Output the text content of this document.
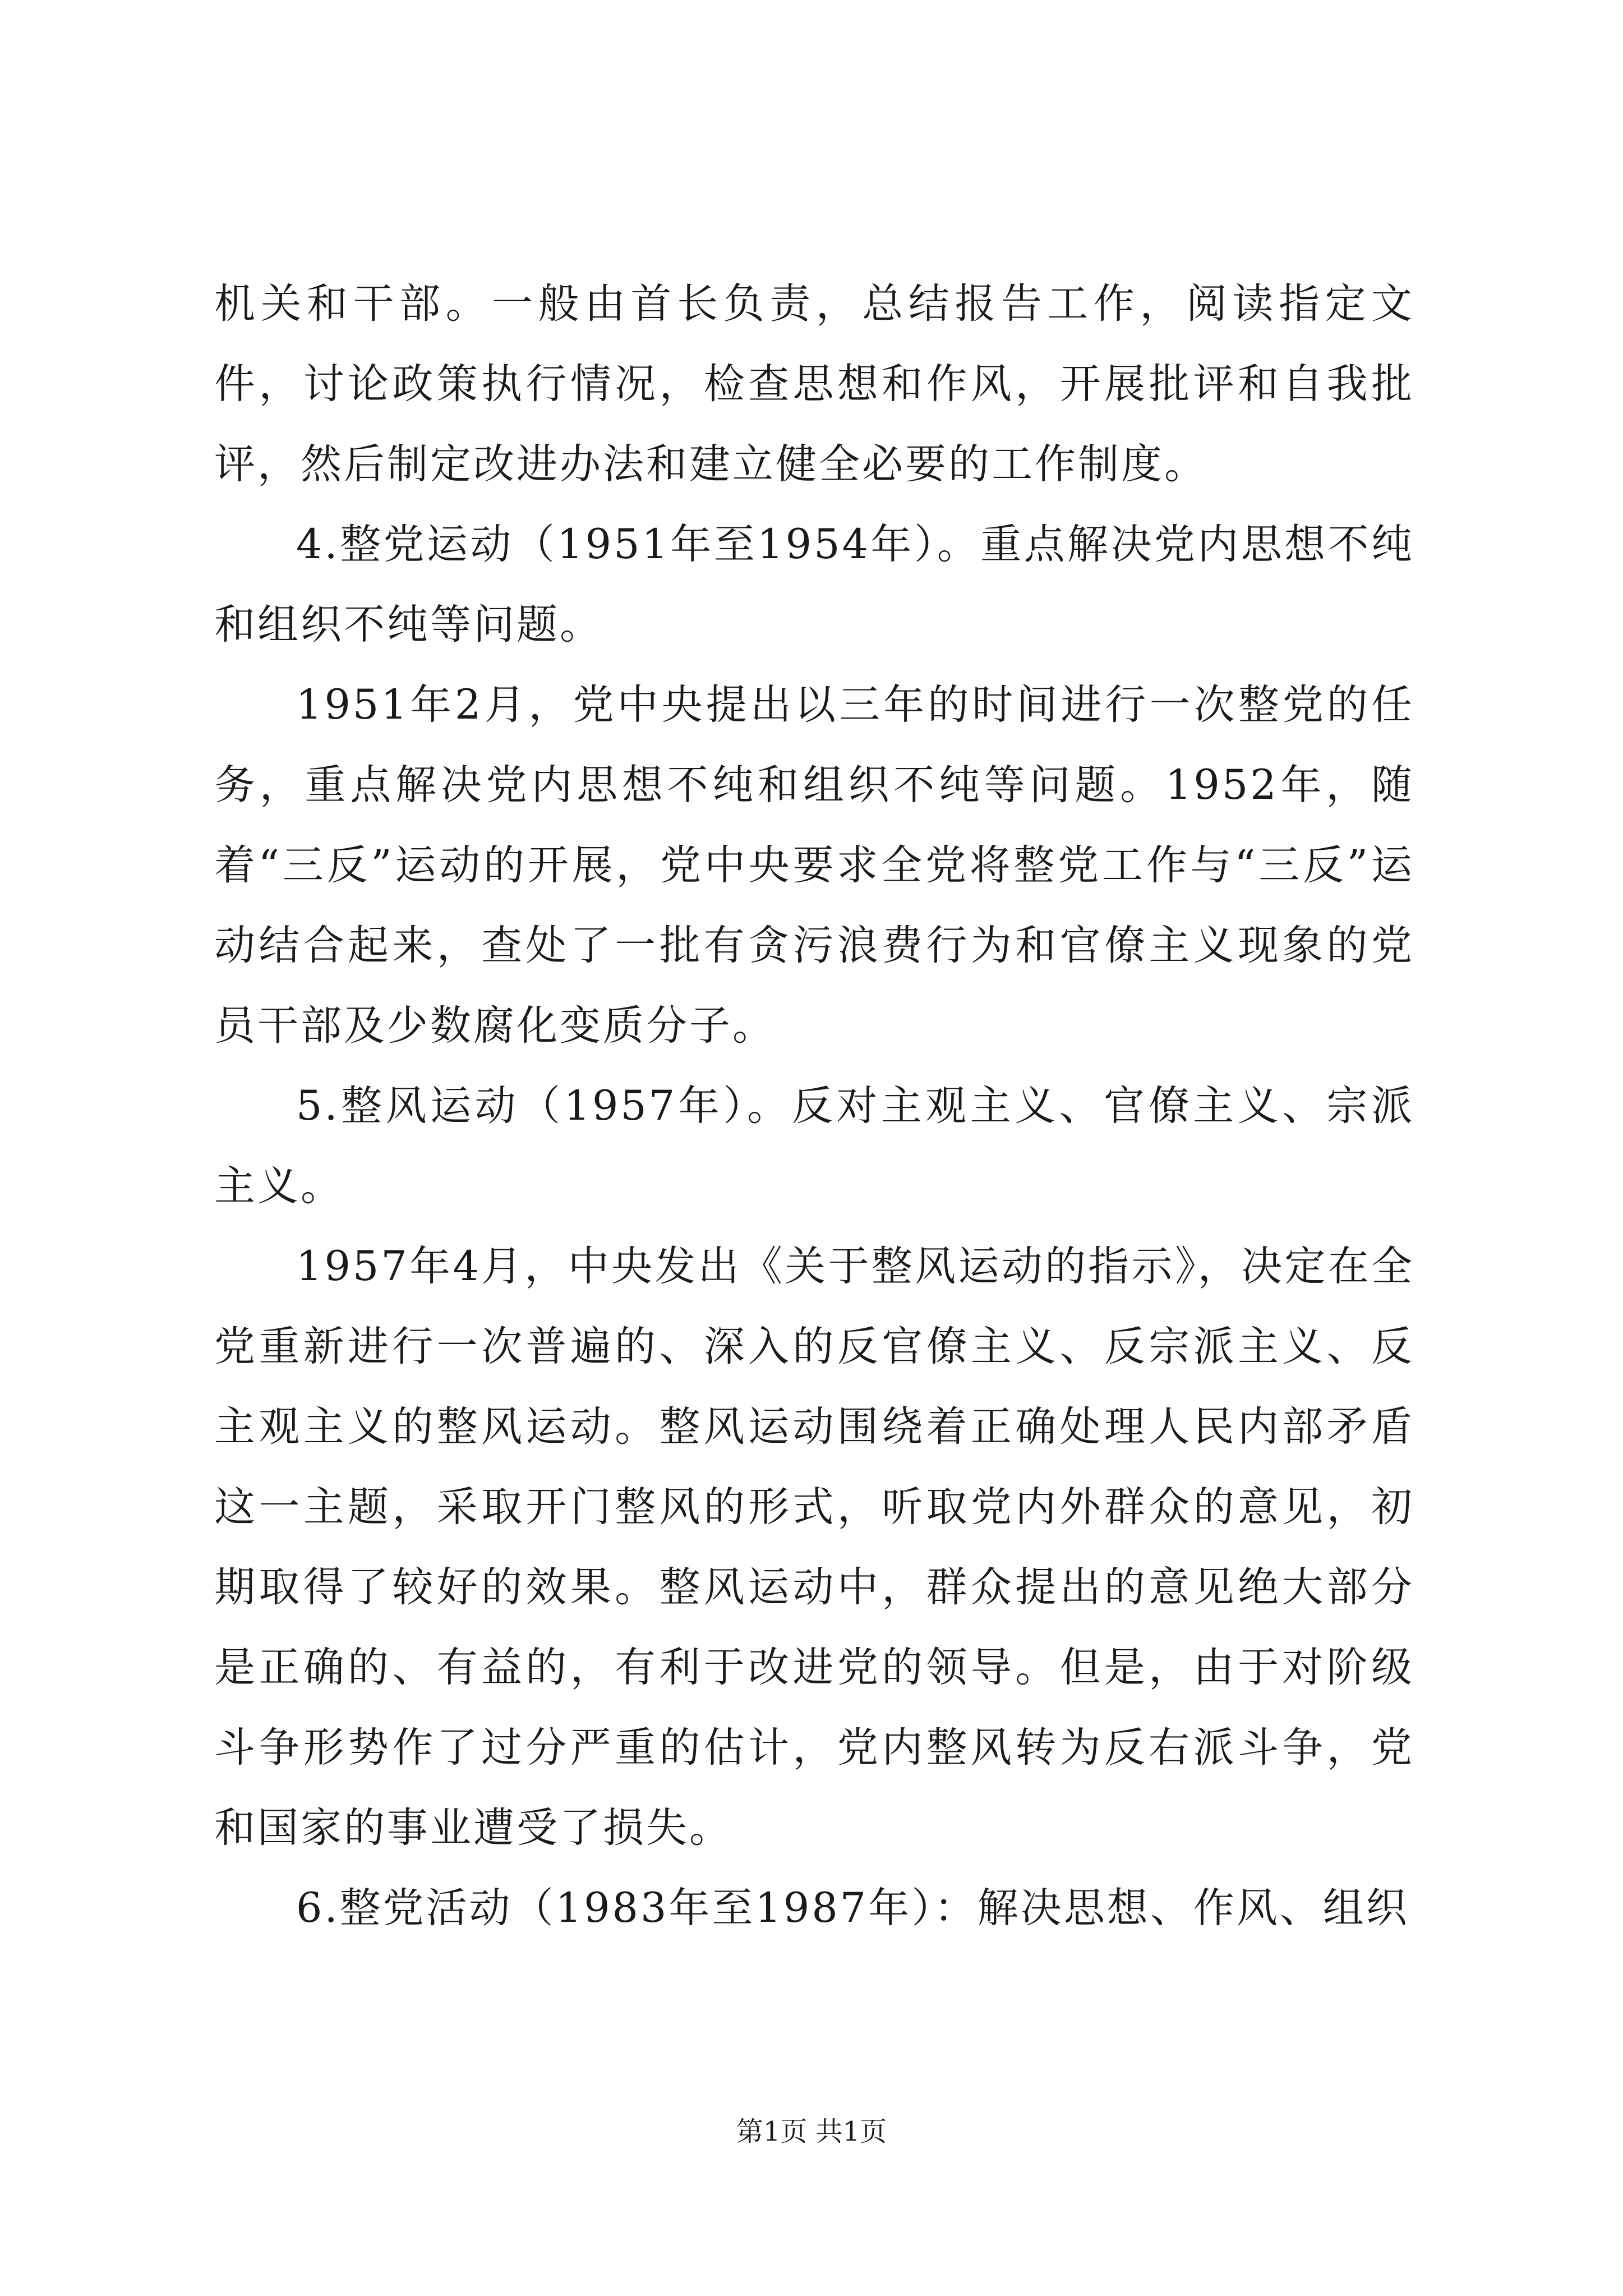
机关和干部。一般由首长负责，总结报告工作，阅读指定文件，讨论政策执行情况，检查思想和作风，开展批评和自我批评，然后制定改进办法和建立健全必要的工作制度。

4.整党运动（1951年至1954年）。重点解决党内思想不纯和组织不纯等问题。

1951年2月，党中央提出以三年的时间进行一次整党的任务，重点解决党内思想不纯和组织不纯等问题。1952年，随着“三反”运动的开展，党中央要求全党将整党工作与“三反”运动结合起来，查处了一批有贪污浪费行为和官僚主义现象的党员干部及少数腐化变质分子。

5.整风运动（1957年）。反对主观主义、官僚主义、宗派主义。

1957年4月，中央发出《关于整风运动的指示》，决定在全党重新进行一次普遍的、深入的反官僚主义、反宗派主义、反主观主义的整风运动。整风运动围绕着正确处理人民内部矛盾这一主题，采取开门整风的形式，听取党内外群众的意见，初期取得了较好的效果。整风运动中，群众提出的意见绝大部分是正确的、有益的，有利于改进党的领导。但是，由于对阶级斗争形势作了过分严重的估计，党内整风转为反右派斗争，党和国家的事业遭受了损失。

6.整党活动（1983年至1987年）：解决思想、作风、组织

第1页 共1页
